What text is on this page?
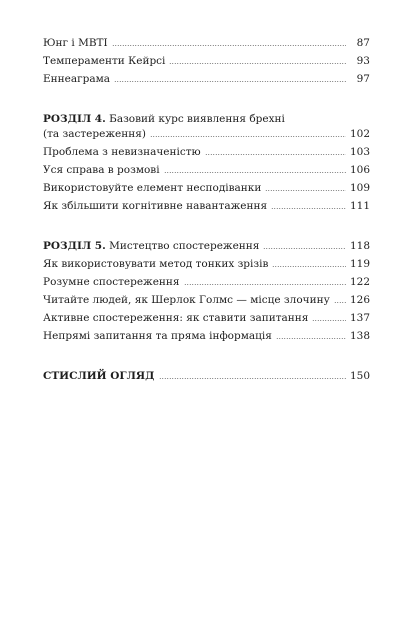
Юнг і MBTI	87
Темпераменти Кейрсі	93
Еннеаграма	97
РОЗДІЛ 4. Базовий курс виявлення брехні
(та застереження)	102
Проблема з невизначеністю	103
Уся справа в розмові	106
Використовуйте елемент несподіванки	109
Як збільшити когнітивне навантаження	111
РОЗДІЛ 5. Мистецтво спостереження	118
Як використовувати метод тонких зрізів	119
Розумне спостереження	122
Читайте людей, як Шерлок Голмс — місце злочину 126
Активне спостереження: як ставити запитання	137
Непрямі запитання та пряма інформація	138
СТИСЛИЙ ОГЛЯД	150
